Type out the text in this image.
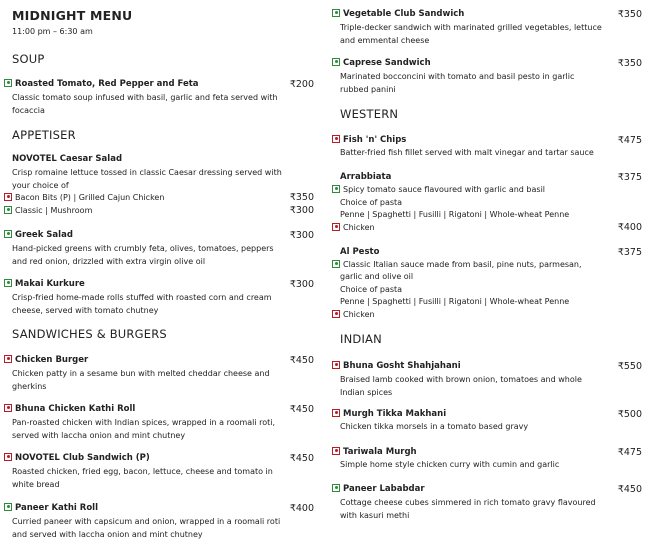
MIDNIGHT MENU
11:00 pm – 6:30 am
SOUP
Roasted Tomato, Red Pepper and Feta	₹200
Classic tomato soup infused with basil, garlic and feta served with focaccia
APPETISER
NOVOTEL Caesar Salad
Crisp romaine lettuce tossed in classic Caesar dressing served with your choice of
Bacon Bits (P) | Grilled Cajun Chicken	₹350
Classic | Mushroom	₹300
Greek Salad	₹300
Hand-picked greens with crumbly feta, olives, tomatoes, peppers and red onion, drizzled with extra virgin olive oil
Makai Kurkure	₹300
Crisp-fried home-made rolls stuffed with roasted corn and cream cheese, served with tomato chutney
SANDWICHES & BURGERS
Chicken Burger	₹450
Chicken patty in a sesame bun with melted cheddar cheese and gherkins
Bhuna Chicken Kathi Roll	₹450
Pan-roasted chicken with Indian spices, wrapped in a roomali roti, served with laccha onion and mint chutney
NOVOTEL Club Sandwich (P)	₹450
Roasted chicken, fried egg, bacon, lettuce, cheese and tomato in white bread
Paneer Kathi Roll	₹400
Curried paneer with capsicum and onion, wrapped in a roomali roti and served with laccha onion and mint chutney
Vegetable Club Sandwich	₹350
Triple-decker sandwich with marinated grilled vegetables, lettuce and emmental cheese
Caprese Sandwich	₹350
Marinated bocconcini with tomato and basil pesto in garlic rubbed panini
WESTERN
Fish 'n' Chips	₹475
Batter-fried fish fillet served with malt vinegar and tartar sauce
Arrabbiata	₹375
Spicy tomato sauce flavoured with garlic and basil
Choice of pasta
Penne | Spaghetti | Fusilli | Rigatoni | Whole-wheat Penne
Chicken	₹400
Al Pesto	₹375
Classic Italian sauce made from basil, pine nuts, parmesan,
garlic and olive oil
Choice of pasta
Penne | Spaghetti | Fusilli | Rigatoni | Whole-wheat Penne
Chicken
INDIAN
Bhuna Gosht Shahjahani	₹550
Braised lamb cooked with brown onion, tomatoes and whole Indian spices
Murgh Tikka Makhani	₹500
Chicken tikka morsels in a tomato based gravy
Tariwala Murgh	₹475
Simple home style chicken curry with cumin and garlic
Paneer Lababdar	₹450
Cottage cheese cubes simmered in rich tomato gravy flavoured with kasuri methi
